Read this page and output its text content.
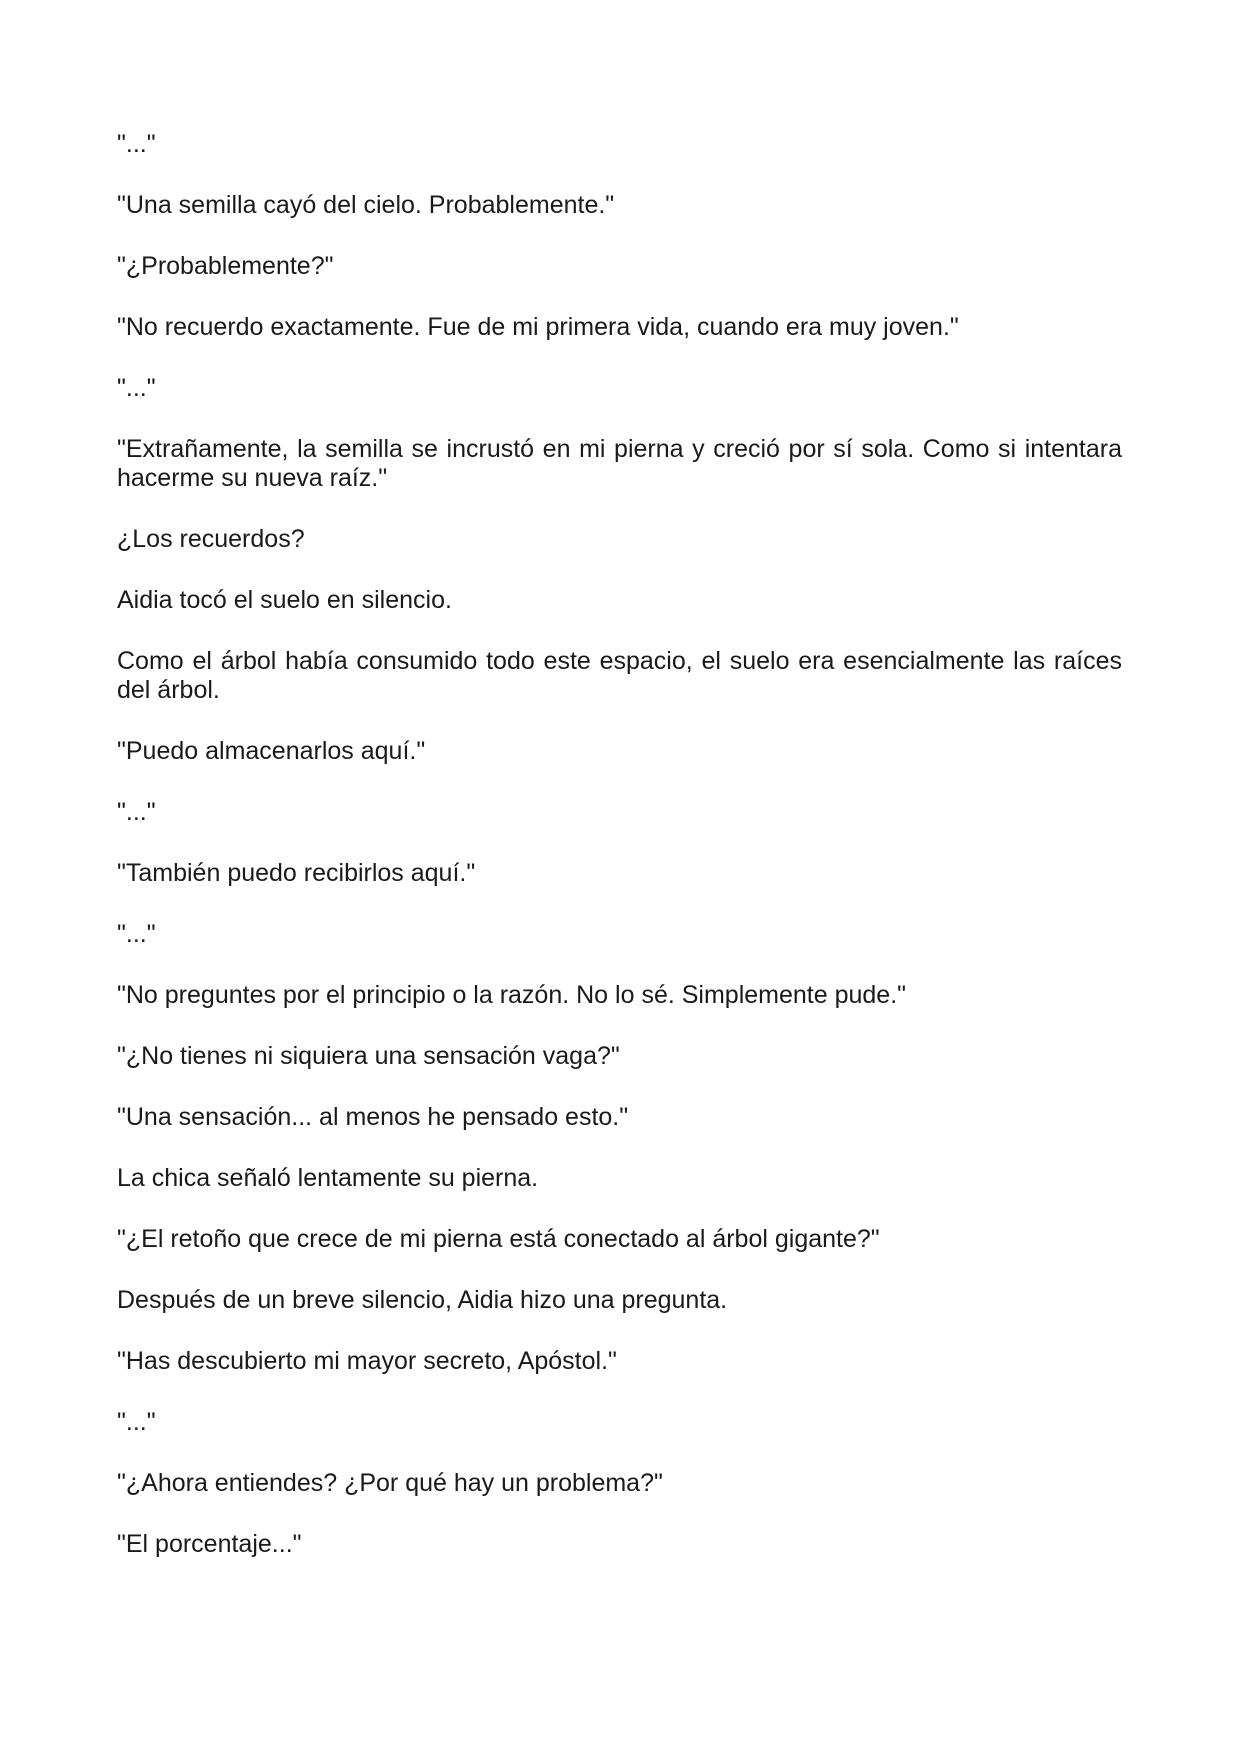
"..."

"Una semilla cayó del cielo. Probablemente."

"¿Probablemente?"

"No recuerdo exactamente. Fue de mi primera vida, cuando era muy joven."

"..."

"Extrañamente, la semilla se incrustó en mi pierna y creció por sí sola. Como si intentara hacerme su nueva raíz."

¿Los recuerdos?

Aidia tocó el suelo en silencio.

Como el árbol había consumido todo este espacio, el suelo era esencialmente las raíces del árbol.

"Puedo almacenarlos aquí."

"..."

"También puedo recibirlos aquí."

"..."

"No preguntes por el principio o la razón. No lo sé. Simplemente pude."

"¿No tienes ni siquiera una sensación vaga?"

"Una sensación... al menos he pensado esto."

La chica señaló lentamente su pierna.

"¿El retoño que crece de mi pierna está conectado al árbol gigante?"

Después de un breve silencio, Aidia hizo una pregunta.

"Has descubierto mi mayor secreto, Apóstol."

"..."

"¿Ahora entiendes? ¿Por qué hay un problema?"

"El porcentaje..."
